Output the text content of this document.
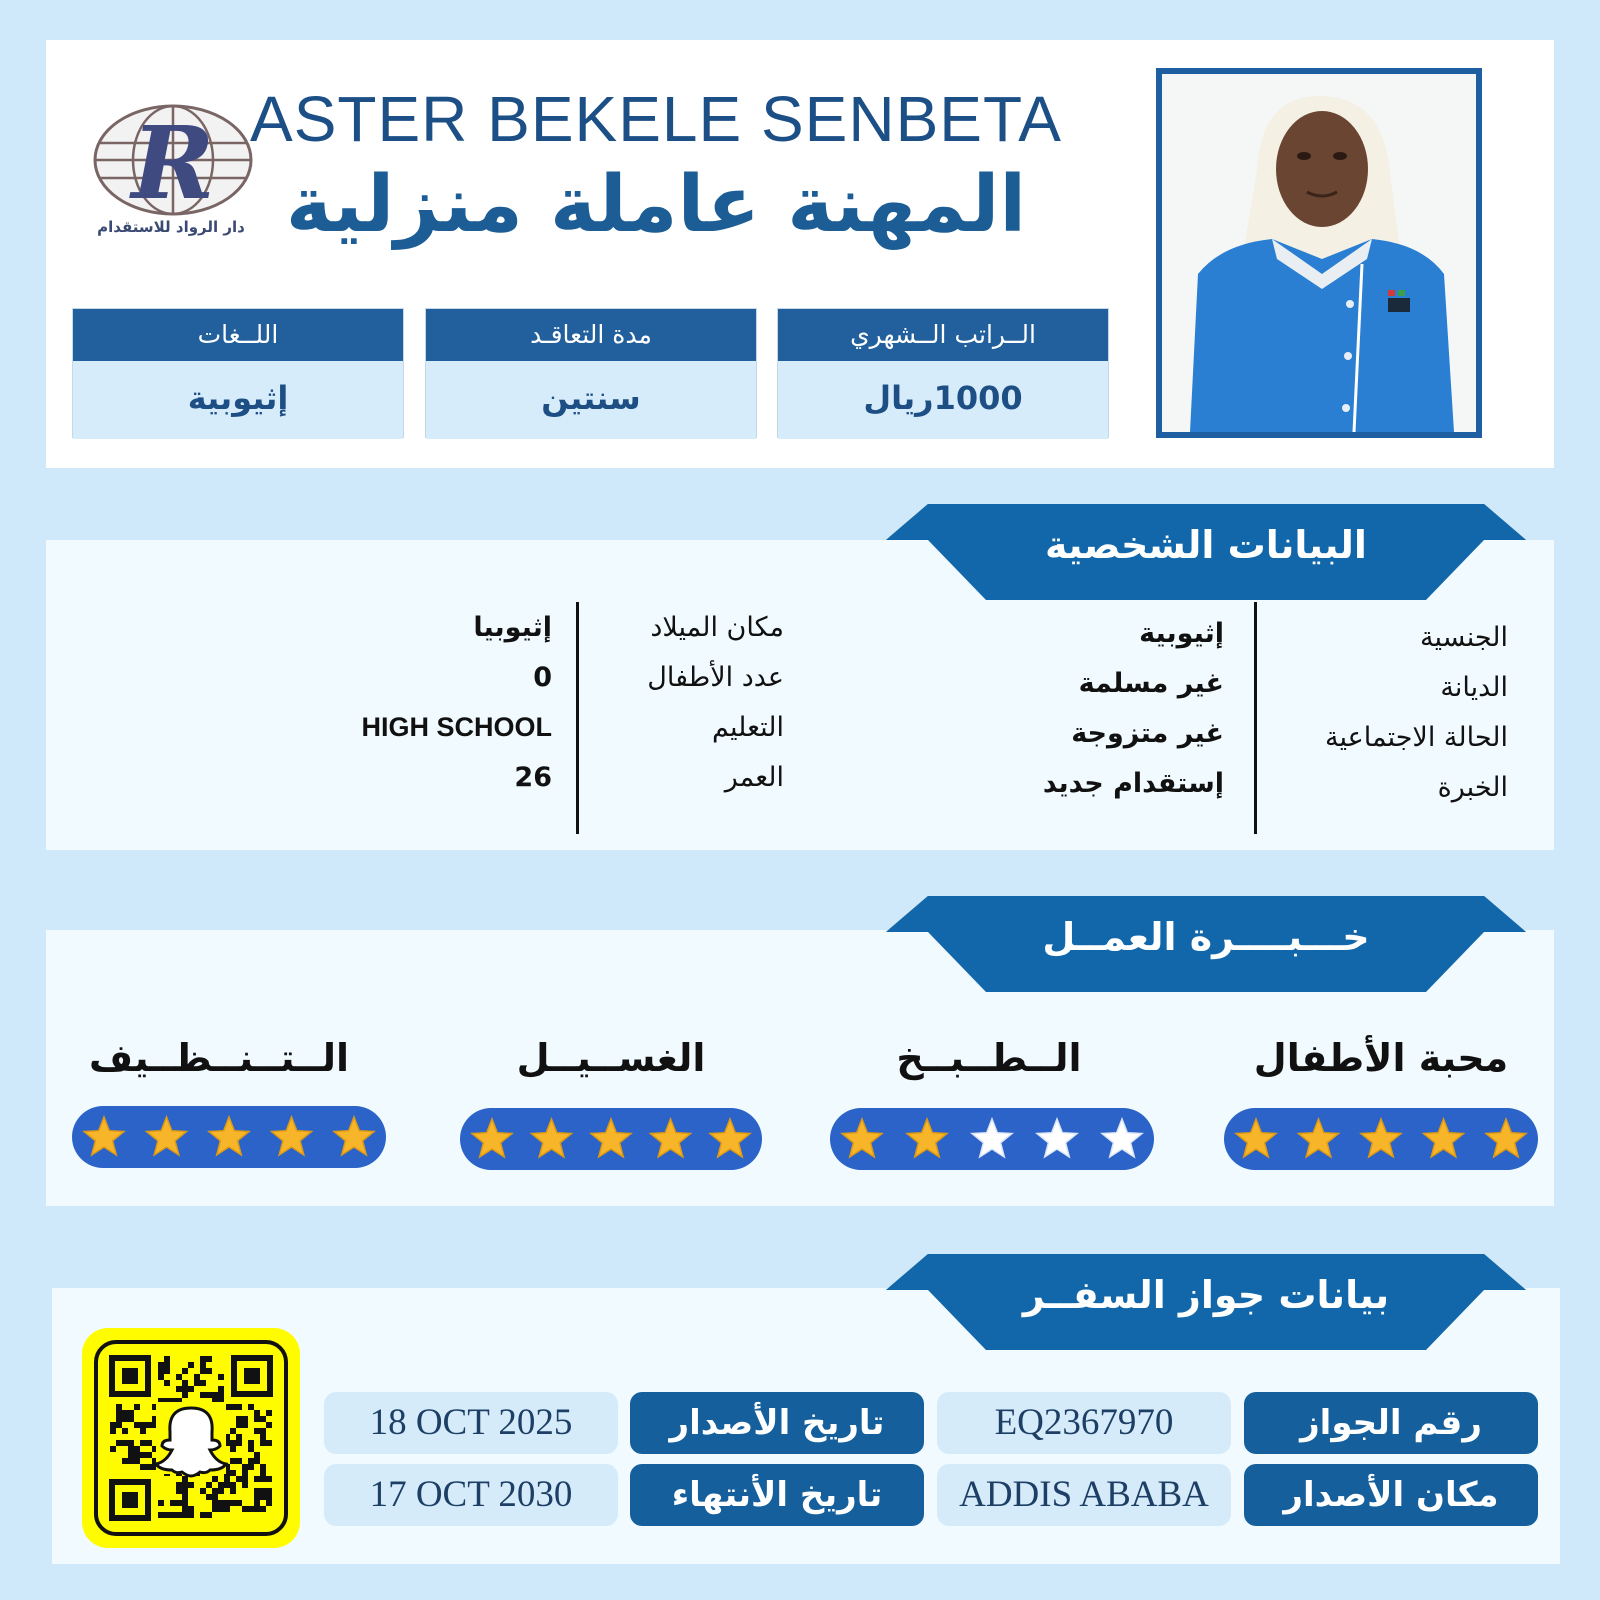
R
دار الرواد للاستقدام
ASTER BEKELE SENBETA
المهنة عاملة منزلية
الــراتب الــشهري
1000ريال
مدة التعاقـد
سنتين
اللــغات
إثيوبية
الجنسية
الديانة
الحالة الاجتماعية
الخبرة
إثيوبية
غير مسلمة
غير متزوجة
إستقدام جديد
مكان الميلاد
عدد الأطفال
التعليم
العمر
إثيوبيا
0
HIGH SCHOOL
26
محبة الأطفال
الــطــبــخ
الغســيــل
الــتــنــظــيف
رقم الجواز
EQ2367970
تاريخ الأصدار
18 OCT 2025
مكان الأصدار
ADDIS ABABA
تاريخ الأنتهاء
17 OCT 2030
البيانات الشخصية
خـــبــــرة العمــل
بيانات جواز السفــر
